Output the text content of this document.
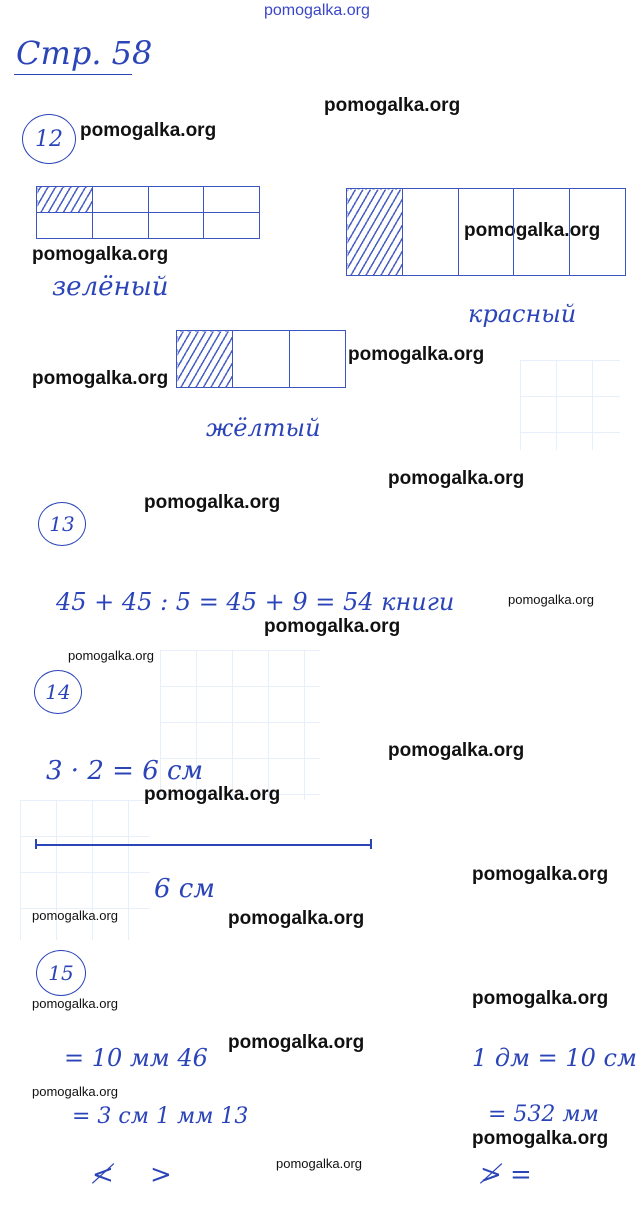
pomogalka.org
Стр. 58
pomogalka.org
pomogalka.org
pomogalka.org
pomogalka.org
pomogalka.org
pomogalka.org
pomogalka.org
pomogalka.org
pomogalka.org
pomogalka.org
pomogalka.org
pomogalka.org
pomogalka.org
pomogalka.org
pomogalka.org	pomogalka.org
pomogalka.org
pomogalka.org
pomogalka.org
pomogalka.org
pomogalka.org
pomogalka.org
12

зелёный

красный

жёлтый
13
45 + 45 : 5 = 45 + 9 = 54 книги
14
3 · 2 = 6 см
6 см
15
= 10 мм 46
= 3 см 1 мм 13
≮ >
1 дм = 10 см
= 532 мм
≯ =
